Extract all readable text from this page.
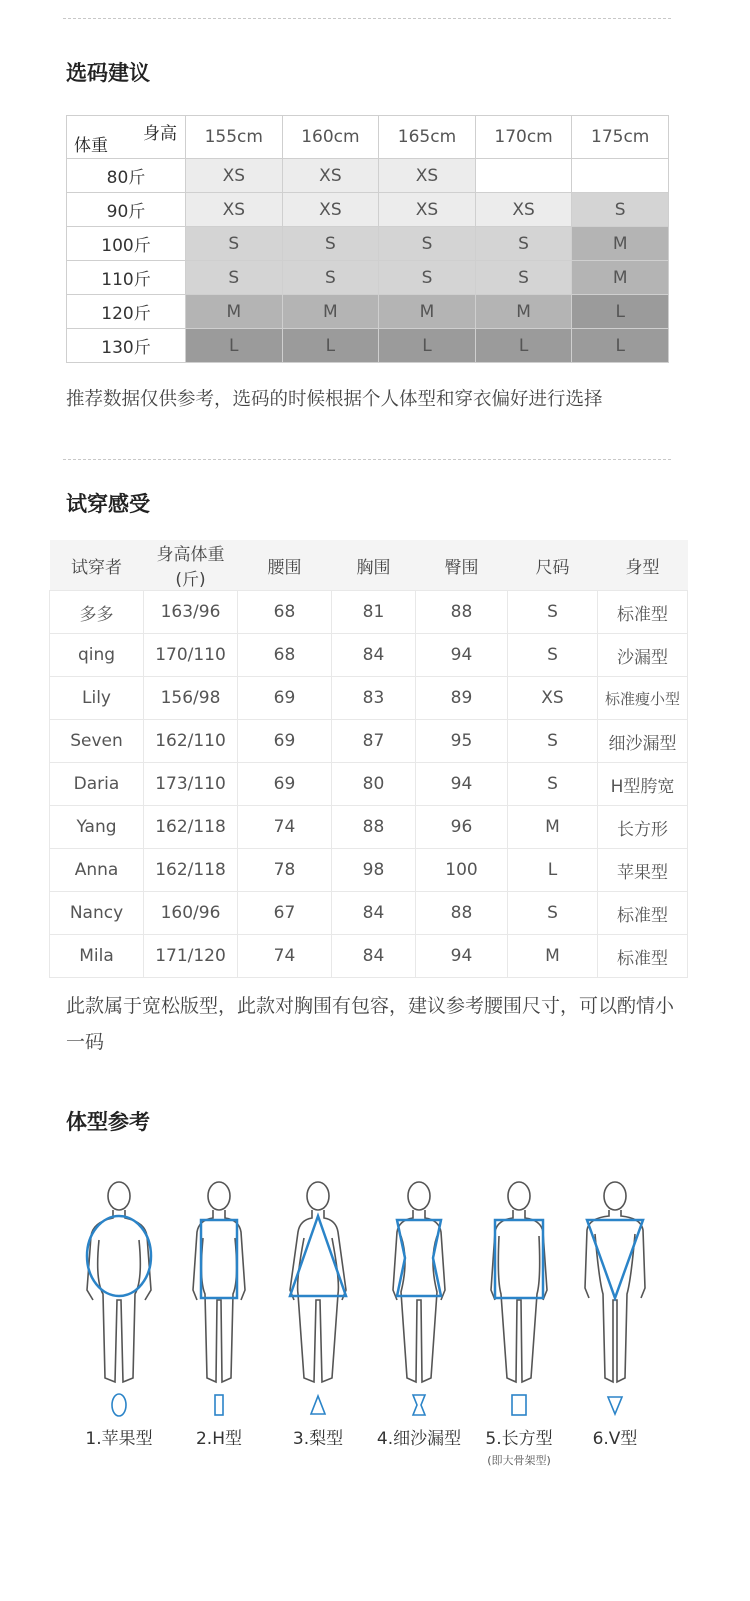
选码建议
身高
体重	155cm	160cm	165cm	170cm	175cm
80斤	XS	XS	XS		
90斤	XS	XS	XS	XS	S
100斤	S	S	S	S	M
110斤	S	S	S	S	M
120斤	M	M	M	M	L
130斤	L	L	L	L	L
推荐数据仅供参考，选码的时候根据个人体型和穿衣偏好进行选择
试穿感受
试穿者	身高体重(斤)	腰围	胸围	臀围	尺码	身型
多多	163/96	68	81	88	S	标准型
qing	170/110	68	84	94	S	沙漏型
Lily	156/98	69	83	89	XS	标准瘦小型
Seven	162/110	69	87	95	S	细沙漏型
Daria	173/110	69	80	94	S	H型胯宽
Yang	162/118	74	88	96	M	长方形
Anna	162/118	78	98	100	L	苹果型
Nancy	160/96	67	84	88	S	标准型
Mila	171/120	74	84	94	M	标准型
此款属于宽松版型，此款对胸围有包容，建议参考腰围尺寸，可以酌情小一码
体型参考
1.苹果型	2.H型	3.梨型	4.细沙漏型	5.长方型
(即大骨架型)
6.V型
